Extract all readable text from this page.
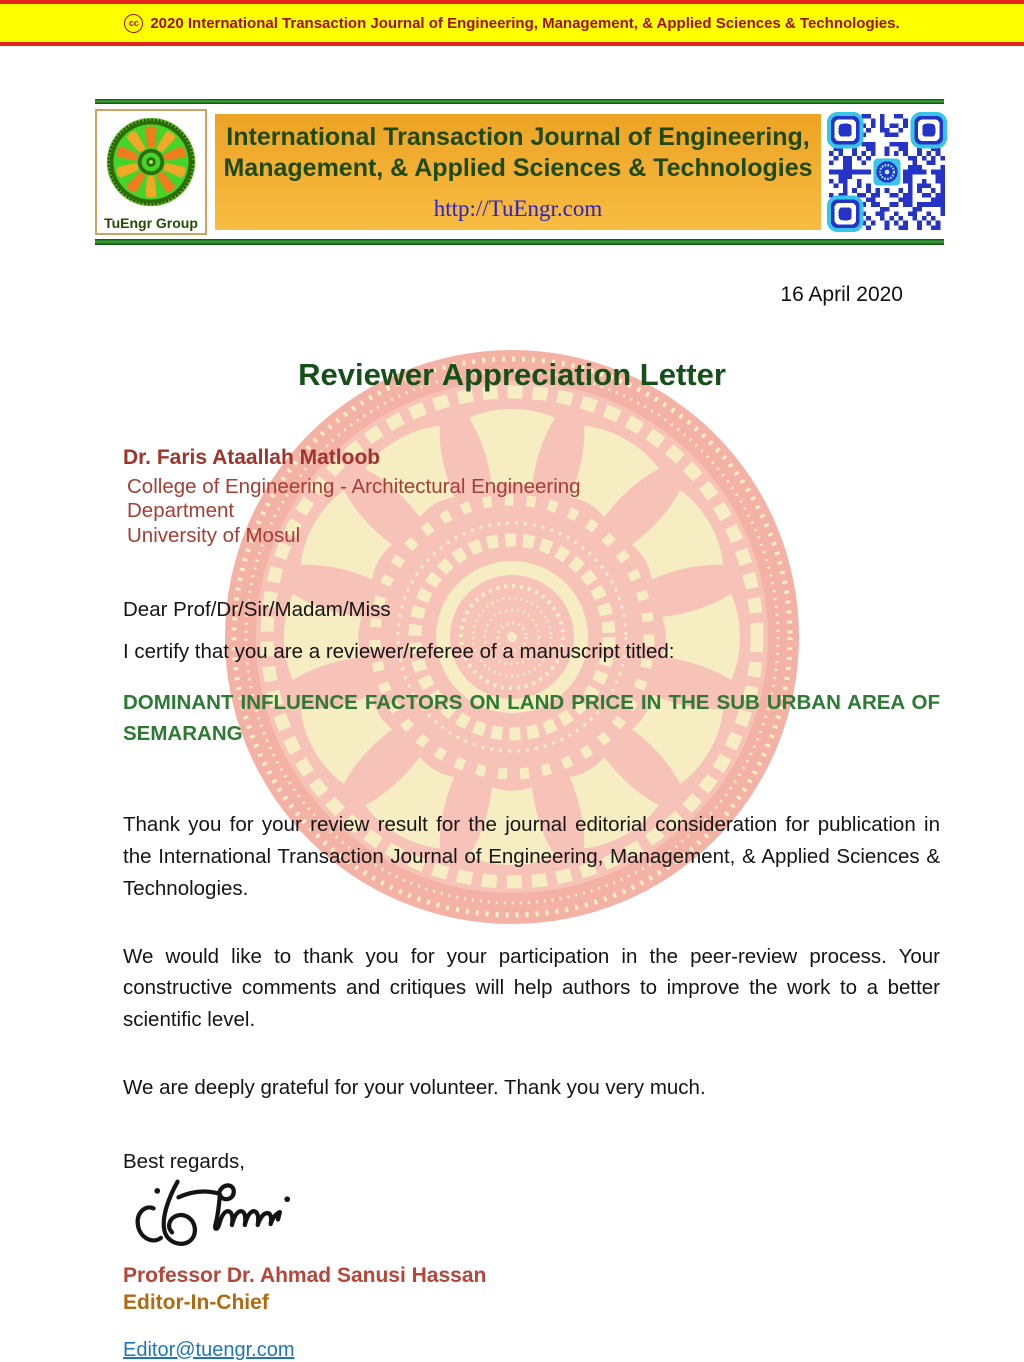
cc 2020 International Transaction Journal of Engineering, Management, & Applied Sciences & Technologies.
TuEngr Group
International Transaction Journal of Engineering,
Management, & Applied Sciences & Technologies
http://TuEngr.com
16 April 2020
Reviewer Appreciation Letter
Dr. Faris Ataallah Matloob
College of Engineering - Architectural Engineering
Department
University of Mosul
Dear Prof/Dr/Sir/Madam/Miss
I certify that you are a reviewer/referee of a manuscript titled:
DOMINANT INFLUENCE FACTORS ON LAND PRICE IN THE SUB URBAN AREA OF SEMARANG

Thank you for your review result for the journal editorial consideration for publication in the International Transaction Journal of Engineering, Management, & Applied Sciences & Technologies.

We would like to thank you for your participation in the peer-review process. Your constructive comments and critiques will help authors to improve the work to a better scientific level.

We are deeply grateful for your volunteer. Thank you very much.

Best regards,
Professor Dr. Ahmad Sanusi Hassan
Editor-In-Chief
Editor@tuengr.com
